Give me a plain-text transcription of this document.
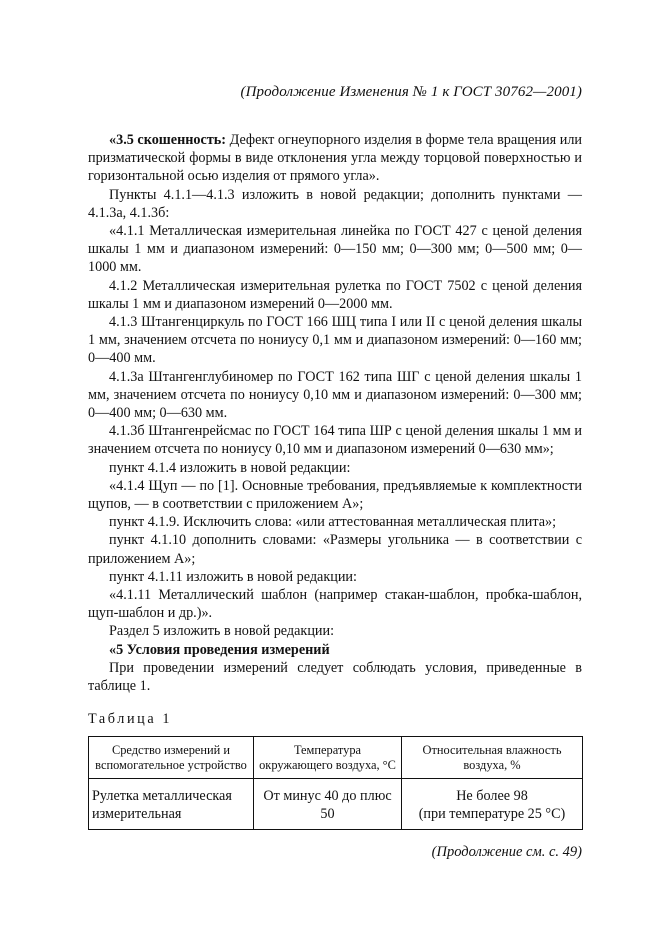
(Продолжение Изменения № 1 к ГОСТ 30762—2001)

«3.5 скошенность: Дефект огнеупорного изделия в форме тела вращения или призматической формы в виде отклонения угла между торцовой поверхностью и горизонтальной осью изделия от прямого угла».

Пункты 4.1.1—4.1.3 изложить в новой редакции; дополнить пунктами — 4.1.3а, 4.1.3б:

«4.1.1 Металлическая измерительная линейка по ГОСТ 427 с ценой деления шкалы 1 мм и диапазоном измерений: 0—150 мм; 0—300 мм; 0—500 мм; 0—1000 мм.

4.1.2 Металлическая измерительная рулетка по ГОСТ 7502 с ценой деления шкалы 1 мм и диапазоном измерений 0—2000 мм.

4.1.3 Штангенциркуль по ГОСТ 166 ШЦ типа I или II с ценой деления шкалы 1 мм, значением отсчета по нониусу 0,1 мм и диапазоном измерений: 0—160 мм; 0—400 мм.

4.1.3а Штангенглубиномер по ГОСТ 162 типа ШГ с ценой деления шкалы 1 мм, значением отсчета по нониусу 0,10 мм и диапазоном измерений: 0—300 мм; 0—400 мм; 0—630 мм.

4.1.3б Штангенрейсмас по ГОСТ 164 типа ШР с ценой деления шкалы 1 мм и значением отсчета по нониусу 0,10 мм и диапазоном измерений 0—630 мм»;

пункт 4.1.4 изложить в новой редакции:

«4.1.4 Щуп — по [1]. Основные требования, предъявляемые к комплектности щупов, — в соответствии с приложением А»;

пункт 4.1.9. Исключить слова: «или аттестованная металлическая плита»;

пункт 4.1.10 дополнить словами: «Размеры угольника — в соответствии с приложением А»;

пункт 4.1.11 изложить в новой редакции:

«4.1.11 Металлический шаблон (например стакан-шаблон, пробка-шаблон, щуп-шаблон и др.)».

Раздел 5 изложить в новой редакции:

«5 Условия проведения измерений

При проведении измерений следует соблюдать условия, приведенные в таблице 1.

Таблица 1
Средство измерений и вспомогательное устройство	Температура окружающего воздуха, °С	Относительная влажность воздуха, %
Рулетка металлическая измерительная	От минус 40 до плюс 50	Не более 98
(при температуре 25 °С)
(Продолжение см. с. 49)
